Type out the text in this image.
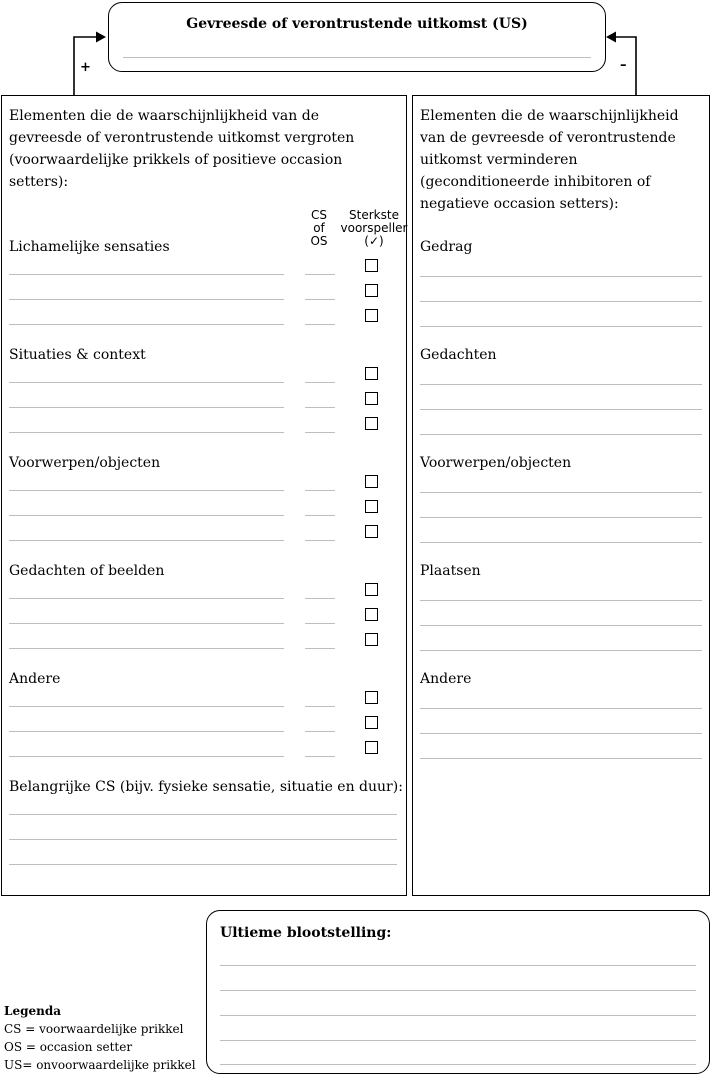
Gevreesde of verontrustende uitkomst (US)
+	–
Elementen die de waarschijnlijkheid van de gevreesde of verontrustende uitkomst vergroten (voorwaardelijke prikkels of positieve occasion setters):
CS of OS
Sterkste voorspeller (✓)
Lichamelijke sensaties
Situaties & context
Voorwerpen/objecten
Gedachten of beelden
Andere
Belangrijke CS (bijv. fysieke sensatie, situatie en duur):
Elementen die de waarschijnlijkheid van de gevreesde of verontrustende uitkomst verminderen (geconditioneerde inhibitoren of negatieve occasion setters):
Gedrag
Gedachten
Voorwerpen/objecten
Plaatsen
Andere
Ultieme blootstelling:
Legenda
CS = voorwaardelijke prikkel
OS = occasion setter
US= onvoorwaardelijke prikkel
